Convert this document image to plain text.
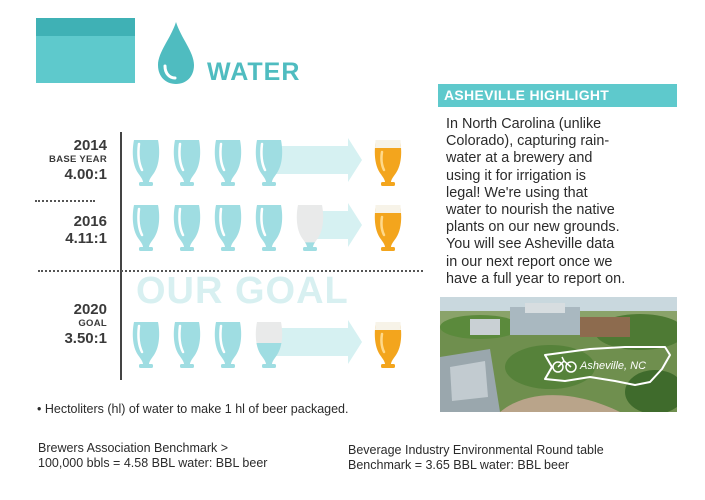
WATER
ASHEVILLE HIGHLIGHT
In North Carolina (unlike
Colorado), capturing rain-
water at a brewery and
using it for irrigation is
legal! We're using that
water to nourish the native
plants on our new grounds.
You will see Asheville data
in our next report once we
have a full year to report on.
Asheville, NC
OUR GOAL
2014
BASE YEAR
4.00:1
2016
4.11:1
2020
GOAL
3.50:1
• Hectoliters (hl) of water to make 1 hl of beer packaged.
Brewers Association Benchmark >
100,000 bbls = 4.58 BBL water: BBL beer
Beverage Industry Environmental Round table
Benchmark = 3.65 BBL water: BBL beer
